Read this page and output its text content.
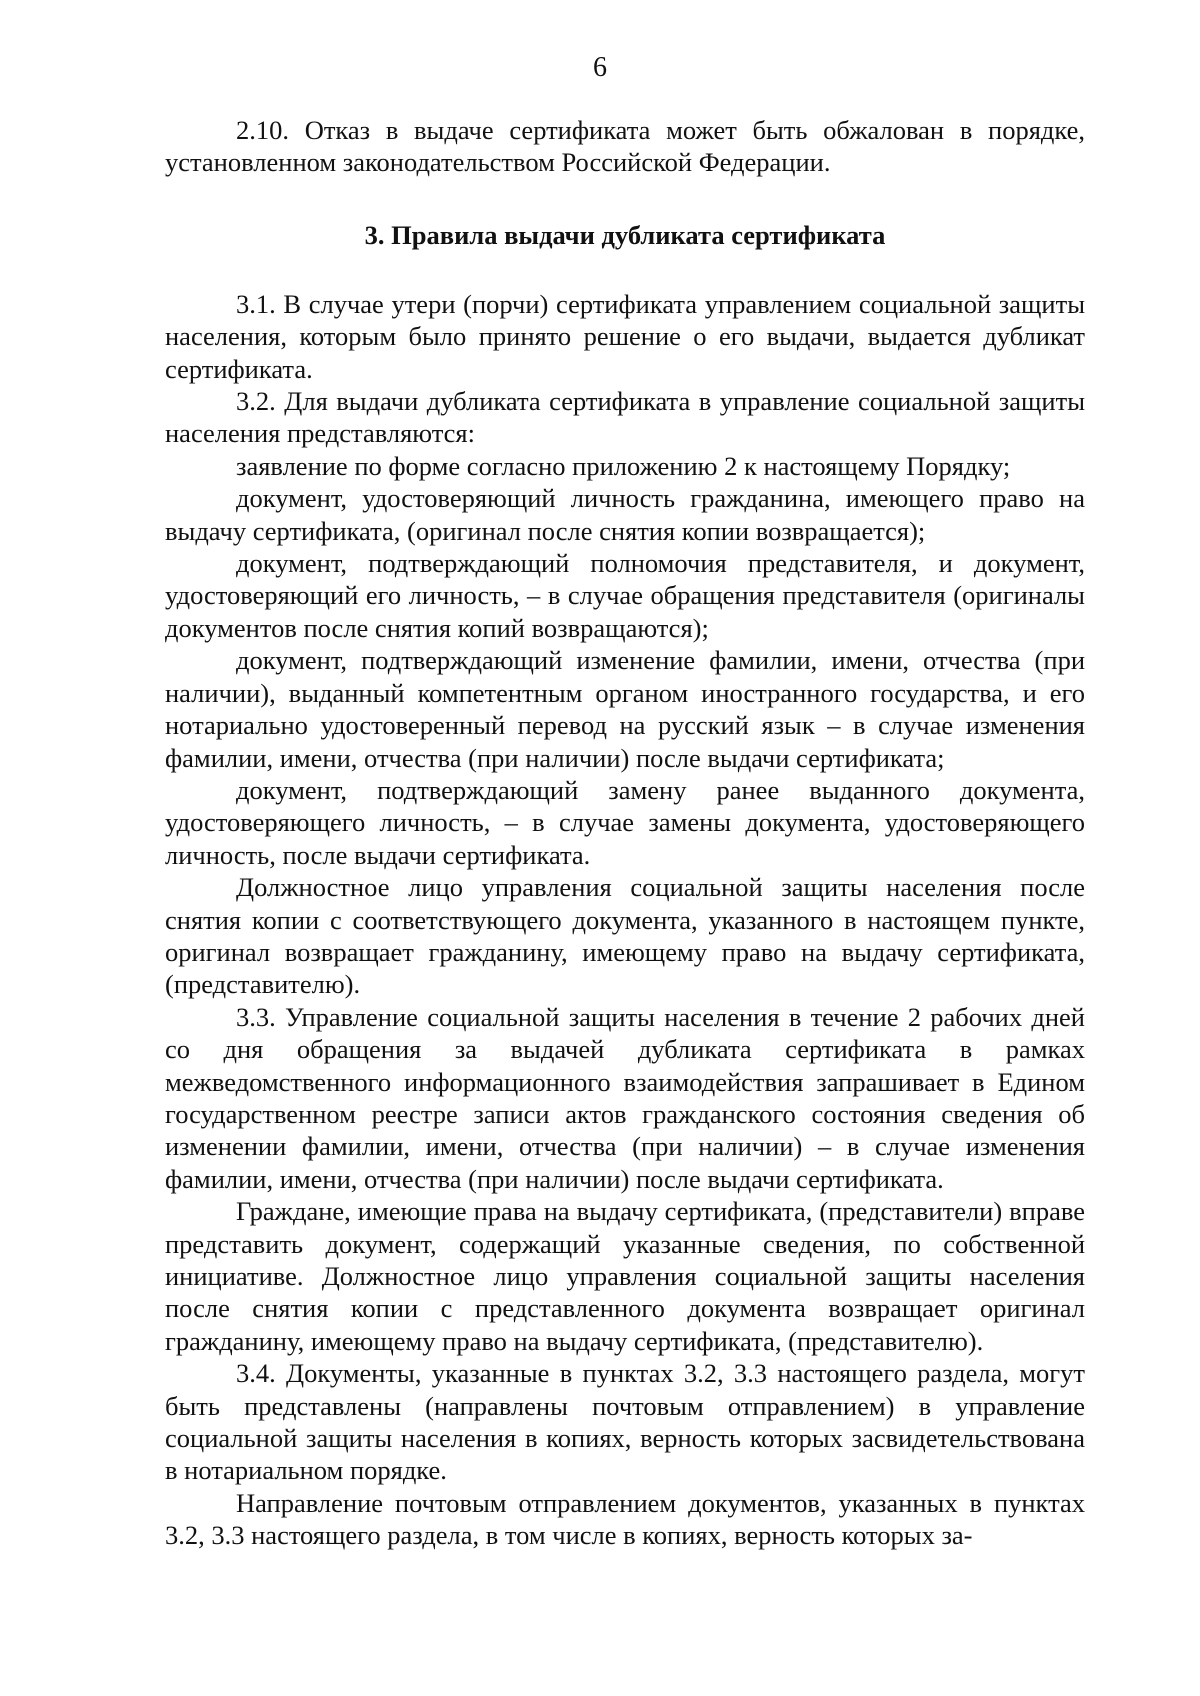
6

2.10. Отказ в выдаче сертификата может быть обжалован в порядке, установленном законодательством Российской Федерации.

3. Правила выдачи дубликата сертификата

3.1. В случае утери (порчи) сертификата управлением социальной защиты населения, которым было принято решение о его выдачи, выдается дубликат сертификата.

3.2. Для выдачи дубликата сертификата в управление социальной защиты населения представляются:

заявление по форме согласно приложению 2 к настоящему Порядку;

документ, удостоверяющий личность гражданина, имеющего право на выдачу сертификата, (оригинал после снятия копии возвращается);

документ, подтверждающий полномочия представителя, и документ, удостоверяющий его личность, – в случае обращения представителя (оригиналы документов после снятия копий возвращаются);

документ, подтверждающий изменение фамилии, имени, отчества (при наличии), выданный компетентным органом иностранного государства, и его нотариально удостоверенный перевод на русский язык – в случае изменения фамилии, имени, отчества (при наличии) после выдачи сертификата;

документ, подтверждающий замену ранее выданного документа, удостоверяющего личность, – в случае замены документа, удостоверяющего личность, после выдачи сертификата.

Должностное лицо управления социальной защиты населения после снятия копии с соответствующего документа, указанного в настоящем пункте, оригинал возвращает гражданину, имеющему право на выдачу сертификата, (представителю).

3.3. Управление социальной защиты населения в течение 2 рабочих дней со дня обращения за выдачей дубликата сертификата в рамках межведомственного информационного взаимодействия запрашивает в Едином государственном реестре записи актов гражданского состояния сведения об изменении фамилии, имени, отчества (при наличии) – в случае изменения фамилии, имени, отчества (при наличии) после выдачи сертификата.

Граждане, имеющие права на выдачу сертификата, (представители) вправе представить документ, содержащий указанные сведения, по собственной инициативе. Должностное лицо управления социальной защиты населения после снятия копии с представленного документа возвращает оригинал гражданину, имеющему право на выдачу сертификата, (представителю).

3.4. Документы, указанные в пунктах 3.2, 3.3 настоящего раздела, могут быть представлены (направлены почтовым отправлением) в управление социальной защиты населения в копиях, верность которых засвидетельствована в нотариальном порядке.

Направление почтовым отправлением документов, указанных в пунктах 3.2, 3.3 настоящего раздела, в том числе в копиях, верность которых за-
